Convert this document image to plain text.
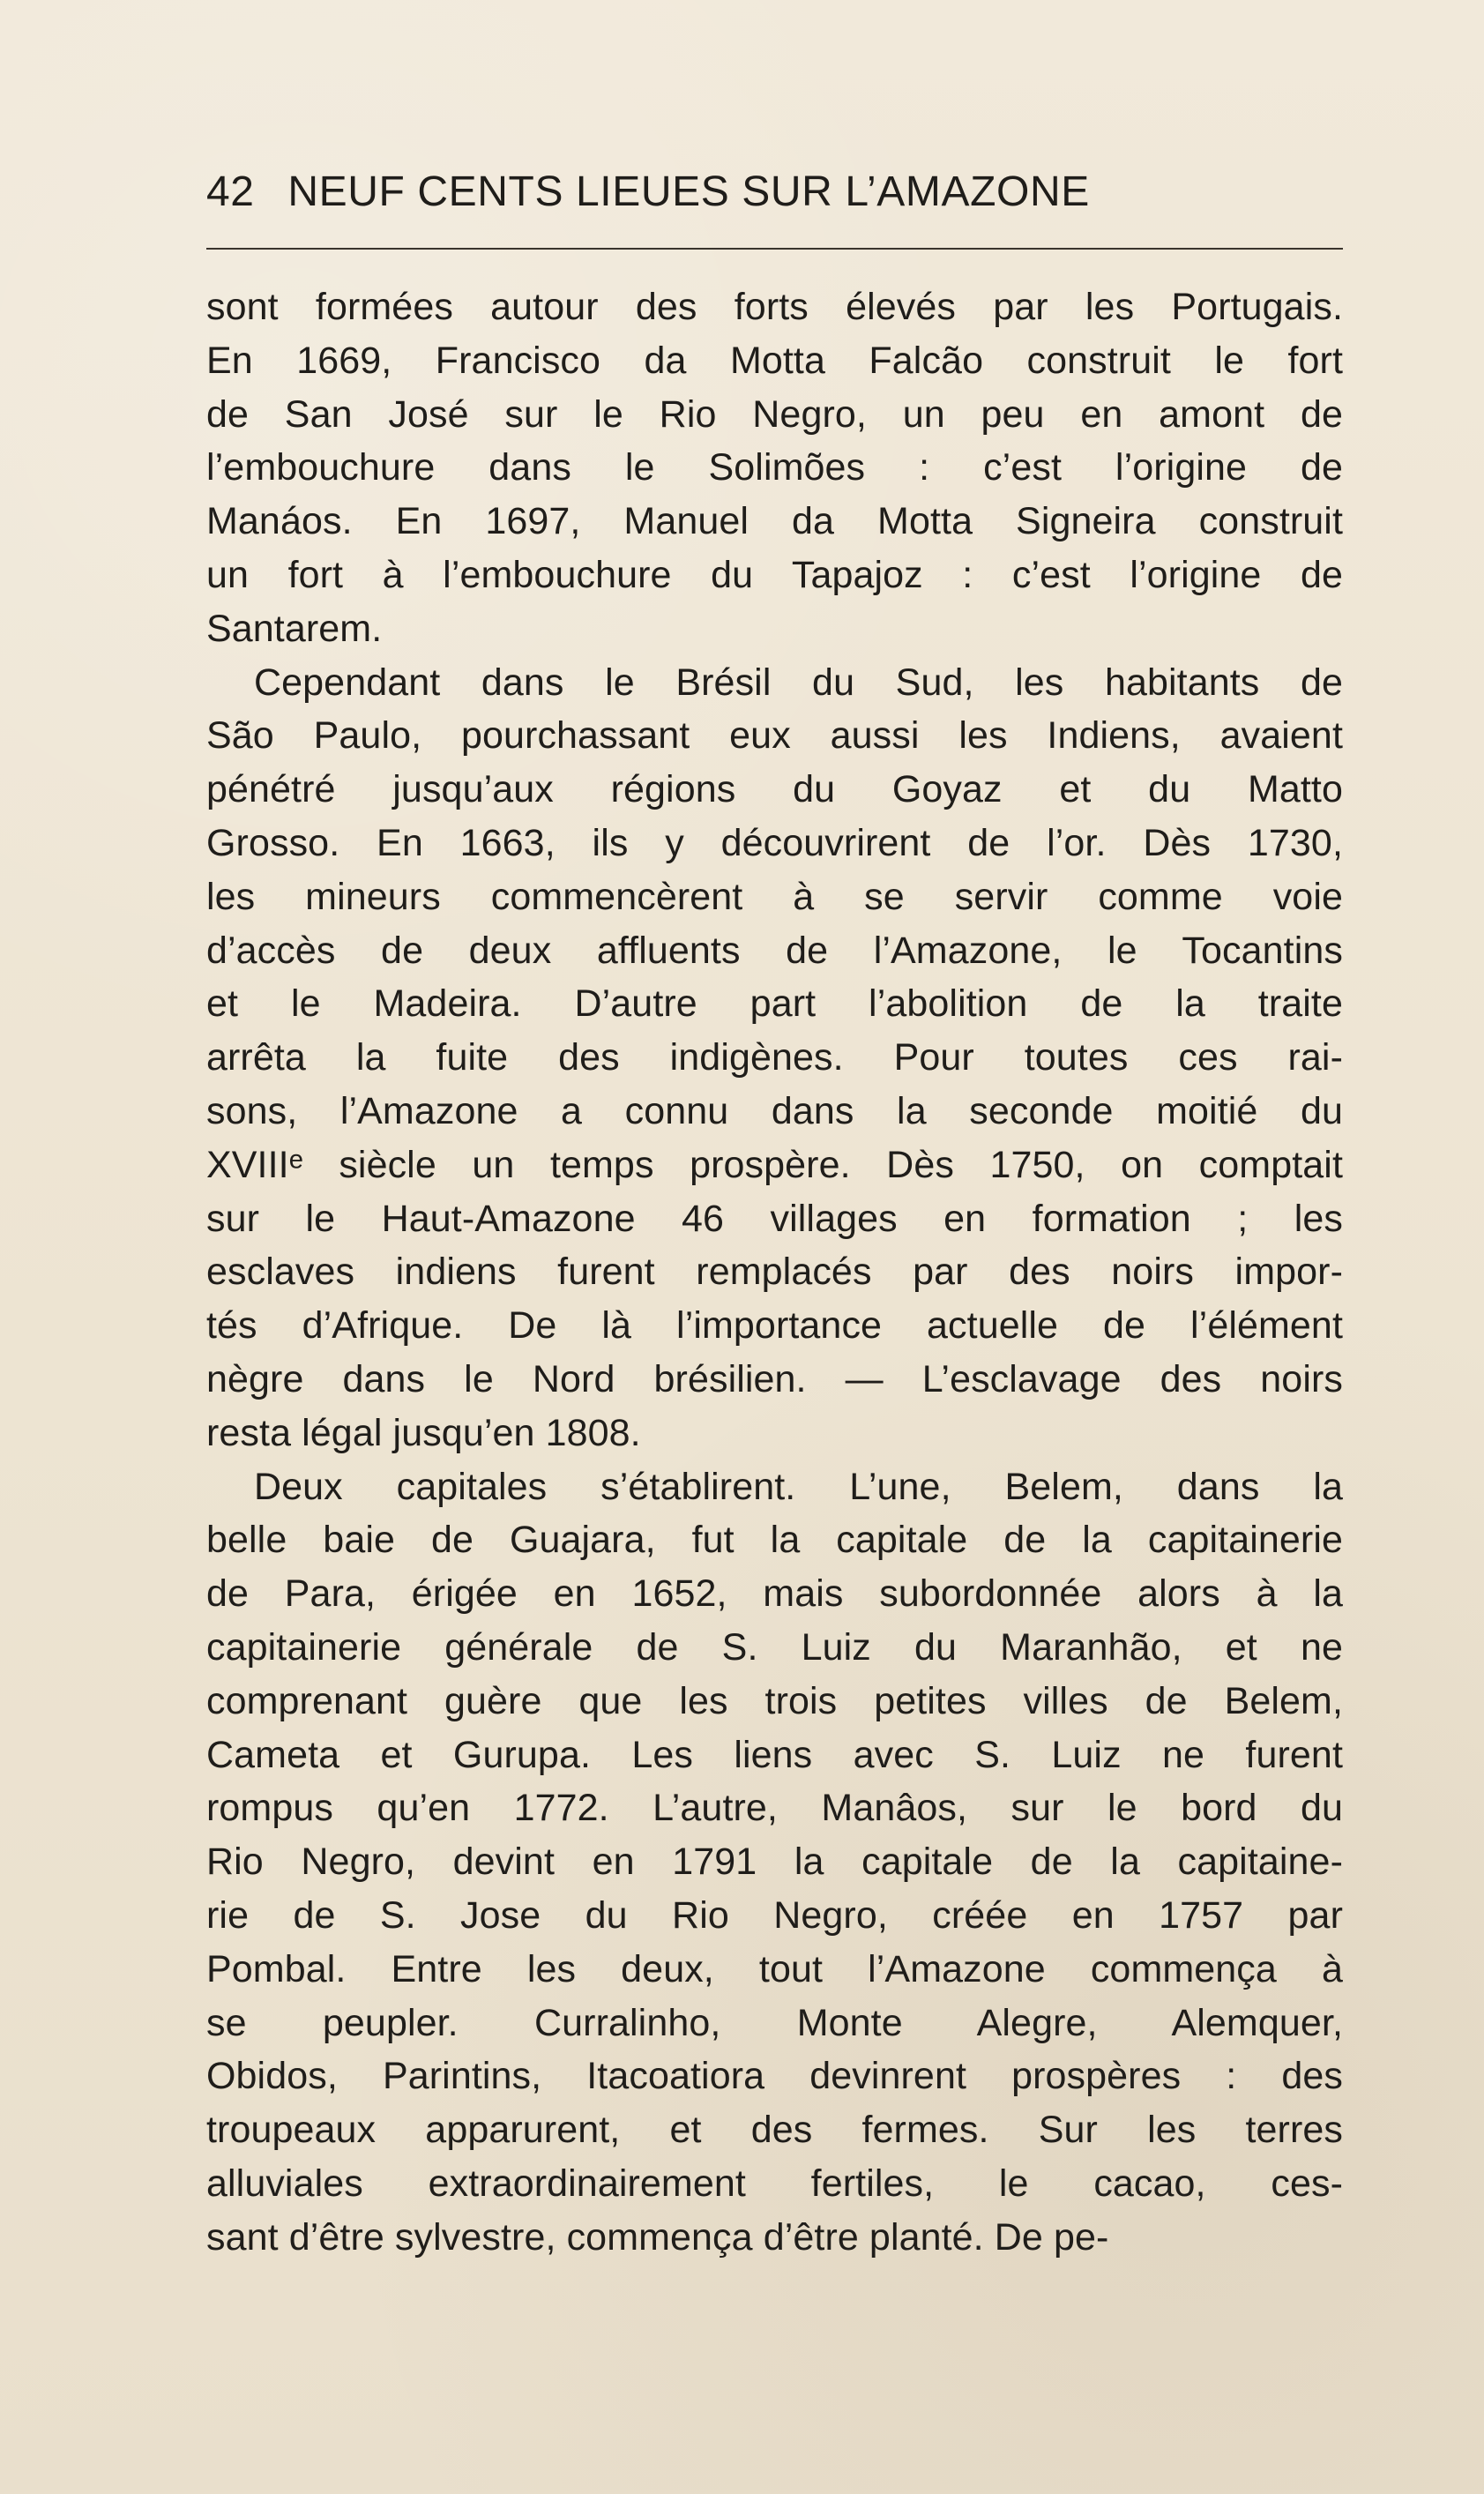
42 NEUF CENTS LIEUES SUR L’AMAZONE
sont formées autour des forts élevés par les Portugais.
En 1669, Francisco da Motta Falcão construit le fort
de San José sur le Rio Negro, un peu en amont de
l’embouchure dans le Solimões : c’est l’origine de
Manáos. En 1697, Manuel da Motta Signeira construit
un fort à l’embouchure du Tapajoz : c’est l’origine de
Santarem.
Cependant dans le Brésil du Sud, les habitants de
São Paulo, pourchassant eux aussi les Indiens, avaient
pénétré jusqu’aux régions du Goyaz et du Matto
Grosso. En 1663, ils y découvrirent de l’or. Dès 1730,
les mineurs commencèrent à se servir comme voie
d’accès de deux affluents de l’Amazone, le Tocantins
et le Madeira. D’autre part l’abolition de la traite
arrêta la fuite des indigènes. Pour toutes ces rai-
sons, l’Amazone a connu dans la seconde moitié du
XVIIIᵉ siècle un temps prospère. Dès 1750, on comptait
sur le Haut-Amazone 46 villages en formation ; les
esclaves indiens furent remplacés par des noirs impor-
tés d’Afrique. De là l’importance actuelle de l’élément
nègre dans le Nord brésilien. — L’esclavage des noirs
resta légal jusqu’en 1808.
Deux capitales s’établirent. L’une, Belem, dans la
belle baie de Guajara, fut la capitale de la capitainerie
de Para, érigée en 1652, mais subordonnée alors à la
capitainerie générale de S. Luiz du Maranhão, et ne
comprenant guère que les trois petites villes de Belem,
Cameta et Gurupa. Les liens avec S. Luiz ne furent
rompus qu’en 1772. L’autre, Manâos, sur le bord du
Rio Negro, devint en 1791 la capitale de la capitaine-
rie de S. Jose du Rio Negro, créée en 1757 par
Pombal. Entre les deux, tout l’Amazone commença à
se peupler. Curralinho, Monte Alegre, Alemquer,
Obidos, Parintins, Itacoatiora devinrent prospères : des
troupeaux apparurent, et des fermes. Sur les terres
alluviales extraordinairement fertiles, le cacao, ces-
sant d’être sylvestre, commença d’être planté. De pe-
